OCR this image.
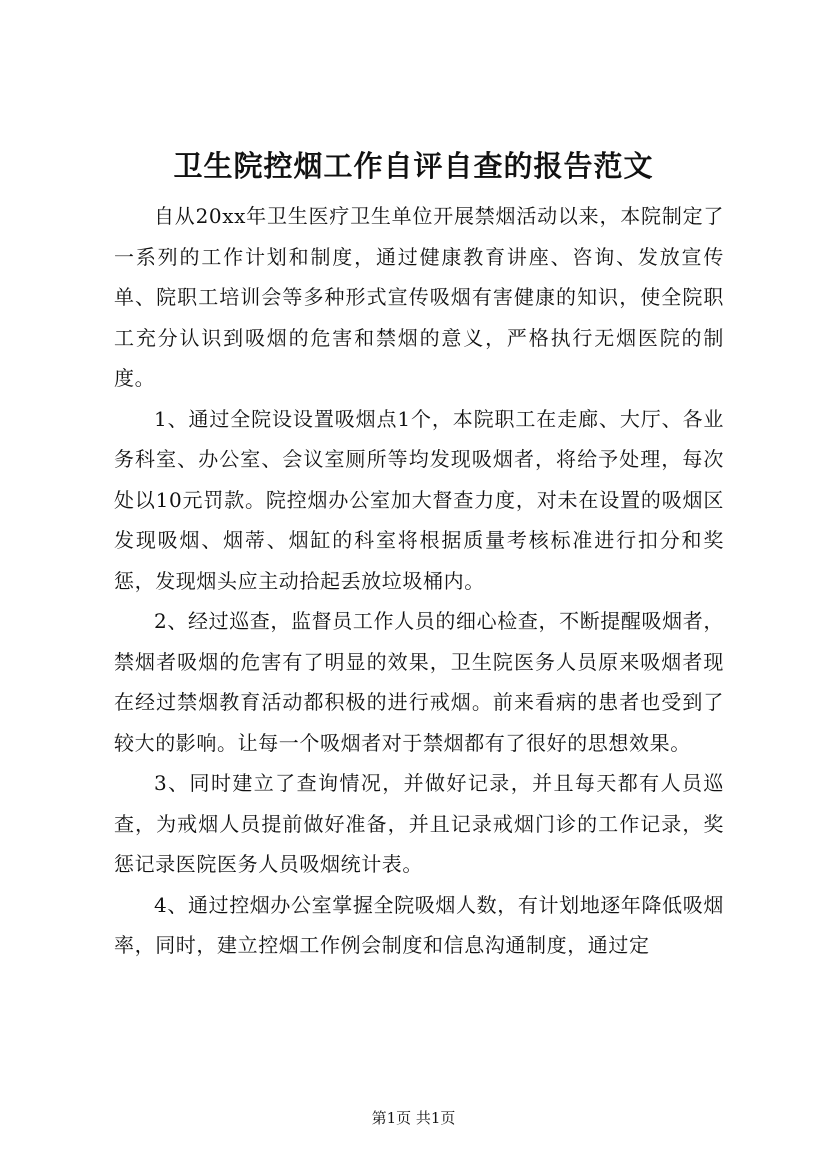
卫生院控烟工作自评自查的报告范文

自从20xx年卫生医疗卫生单位开展禁烟活动以来，本院制定了一系列的工作计划和制度，通过健康教育讲座、咨询、发放宣传单、院职工培训会等多种形式宣传吸烟有害健康的知识，使全院职工充分认识到吸烟的危害和禁烟的意义，严格执行无烟医院的制度。

1、通过全院设设置吸烟点1个，本院职工在走廊、大厅、各业务科室、办公室、会议室厕所等均发现吸烟者，将给予处理，每次处以10元罚款。院控烟办公室加大督查力度，对未在设置的吸烟区发现吸烟、烟蒂、烟缸的科室将根据质量考核标准进行扣分和奖惩，发现烟头应主动拾起丢放垃圾桶内。

2、经过巡查，监督员工作人员的细心检查，不断提醒吸烟者，禁烟者吸烟的危害有了明显的效果，卫生院医务人员原来吸烟者现在经过禁烟教育活动都积极的进行戒烟。前来看病的患者也受到了较大的影响。让每一个吸烟者对于禁烟都有了很好的思想效果。

3、同时建立了查询情况，并做好记录，并且每天都有人员巡查，为戒烟人员提前做好准备，并且记录戒烟门诊的工作记录，奖惩记录医院医务人员吸烟统计表。

4、通过控烟办公室掌握全院吸烟人数，有计划地逐年降低吸烟率，同时，建立控烟工作例会制度和信息沟通制度，通过定

第1页 共1页
